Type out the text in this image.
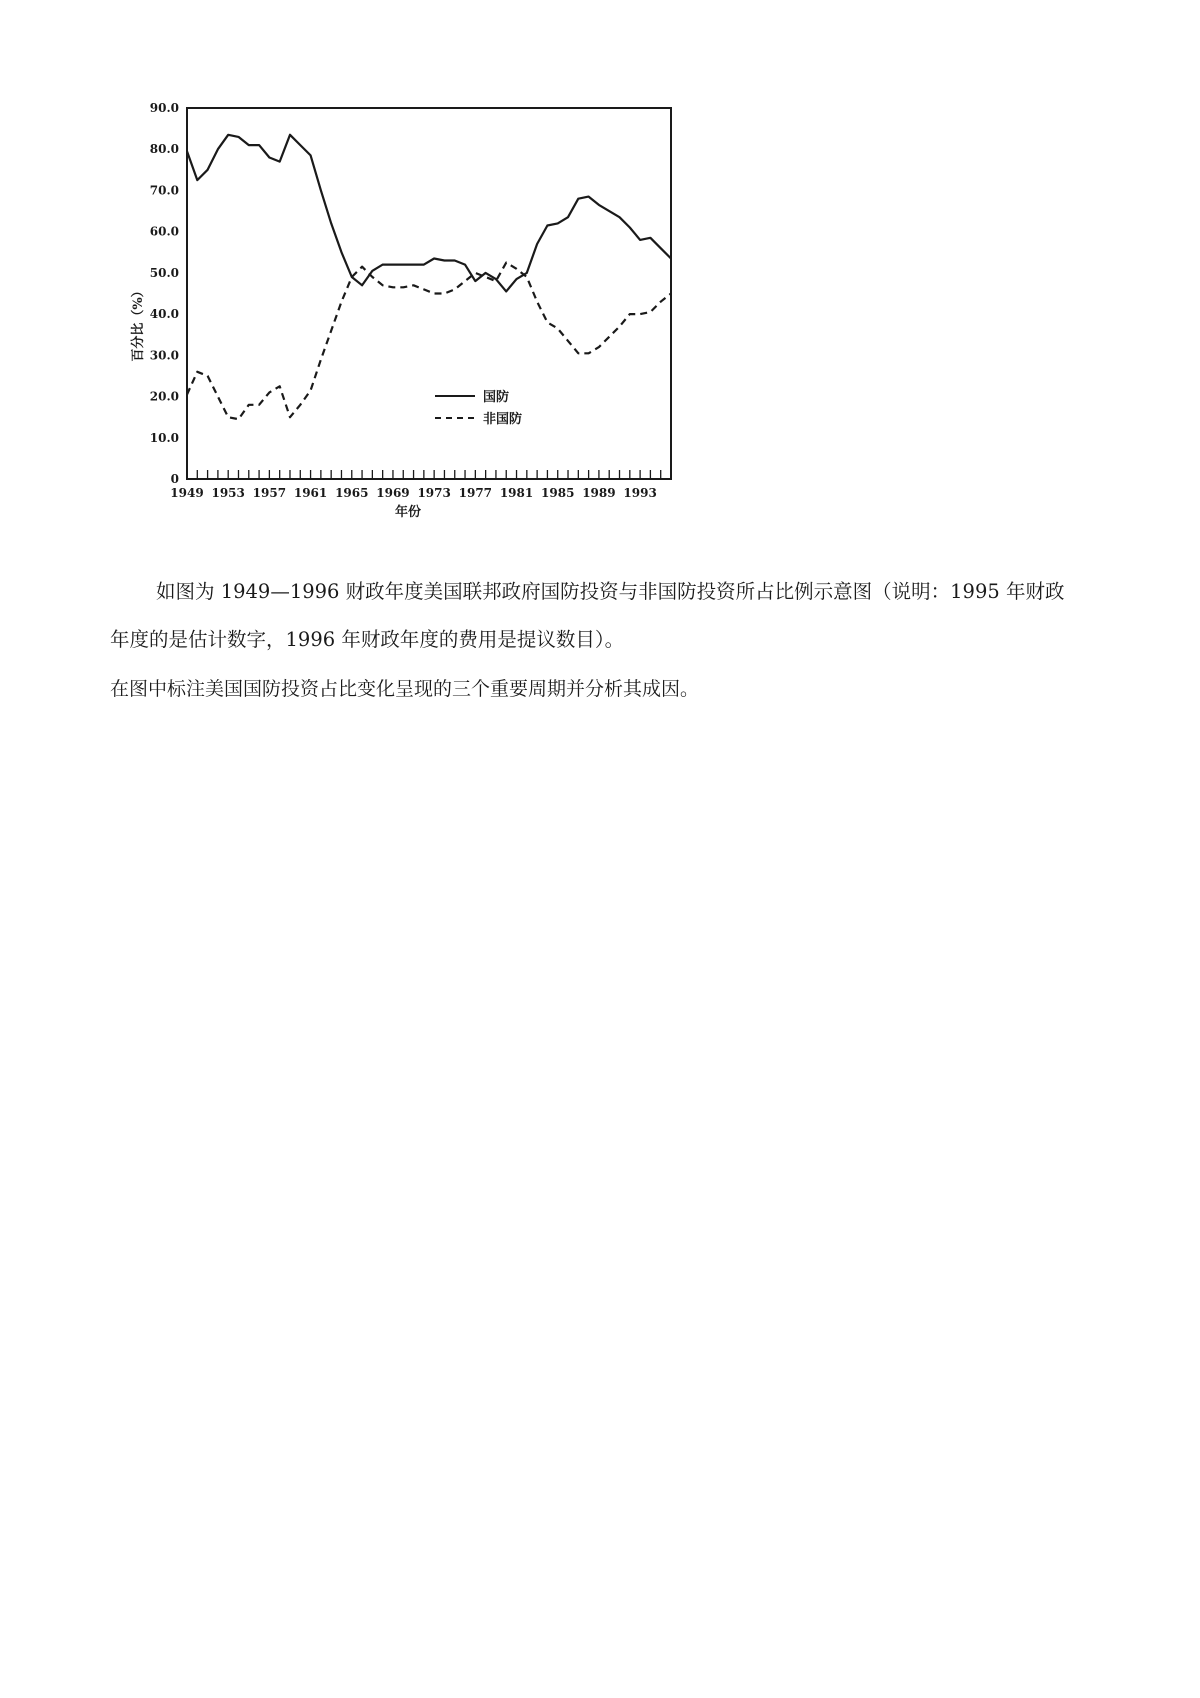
0
10.0
20.0
30.0
40.0
50.0
60.0
70.0
80.0
90.0
1949 1953 1957 1961 1965 1969 1973 1977 1981 1985 1989 1993
百分比（%）
年份
国防
非国防
如图为 1949—1996 财政年度美国联邦政府国防投资与非国防投资所占比例示意图（说明：1995 年财政
年度的是估计数字，1996 年财政年度的费用是提议数目）。
在图中标注美国国防投资占比变化呈现的三个重要周期并分析其成因。
